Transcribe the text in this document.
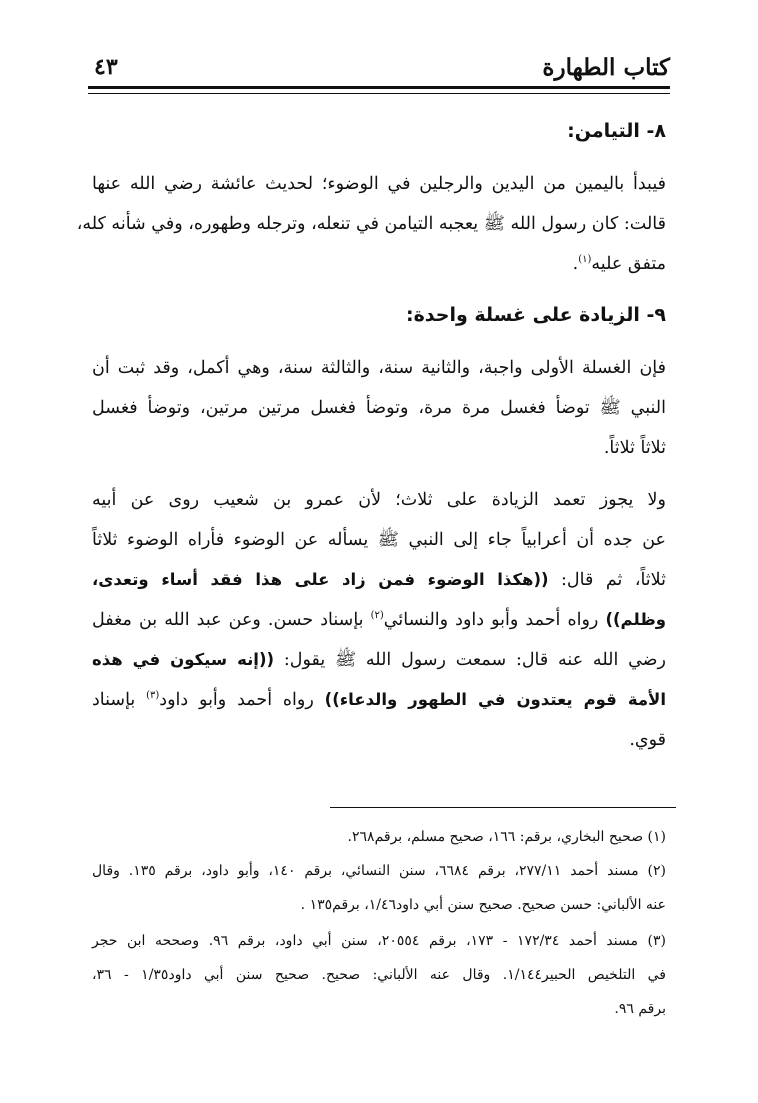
كتاب الطهارة
٤٣
٨- التيامن:
فيبدأ باليمين من اليدين والرجلين في الوضوء؛ لحديث عائشة رضي الله عنها
قالت: كان رسول الله ﷺ يعجبه التيامن في تنعله، وترجله وطهوره، وفي شأنه كله،
متفق عليه$^{(١)}$.
٩- الزيادة على غسلة واحدة:
فإن الغسلة الأولى واجبة، والثانية سنة، والثالثة سنة، وهي أكمل، وقد ثبت أن
النبي ﷺ توضأ فغسل مرة مرة، وتوضأ فغسل مرتين مرتين، وتوضأ فغسل
ثلاثاً ثلاثاً.
ولا يجوز تعمد الزيادة على ثلاث؛ لأن عمرو بن شعيب روى عن أبيه
عن جده أن أعرابياً جاء إلى النبي ﷺ يسأله عن الوضوء فأراه الوضوء ثلاثاً
ثلاثاً، ثم قال: ((هكذا الوضوء فمن زاد على هذا فقد أساء وتعدى،
وظلم)) رواه أحمد وأبو داود والنسائي$^{(٢)}$ بإسناد حسن. وعن عبد الله بن مغفل
رضي الله عنه قال: سمعت رسول الله ﷺ يقول: ((إنه سيكون في هذه
الأمة قوم يعتدون في الطهور والدعاء)) رواه أحمد وأبو داود$^{(٣)}$ بإسناد
قوي.
(١) صحيح البخاري، برقم: ١٦٦، صحيح مسلم، برقم٢٦٨.
(٢) مسند أحمد ٢٧٧/١١، برقم ٦٦٨٤، سنن النسائي، برقم ١٤٠، وأبو داود، برقم ١٣٥. وقال
عنه الألباني: حسن صحيح. صحيح سنن أبي داود١/٤٦، برقم١٣٥ .
(٣) مسند أحمد ١٧٢/٣٤ - ١٧٣، برقم ٢٠٥٥٤، سنن أبي داود، برقم ٩٦. وصححه ابن حجر
في التلخيص الحبير١/١٤٤. وقال عنه الألباني: صحيح. صحيح سنن أبي داود١/٣٥ - ٣٦،
برقم ٩٦.
